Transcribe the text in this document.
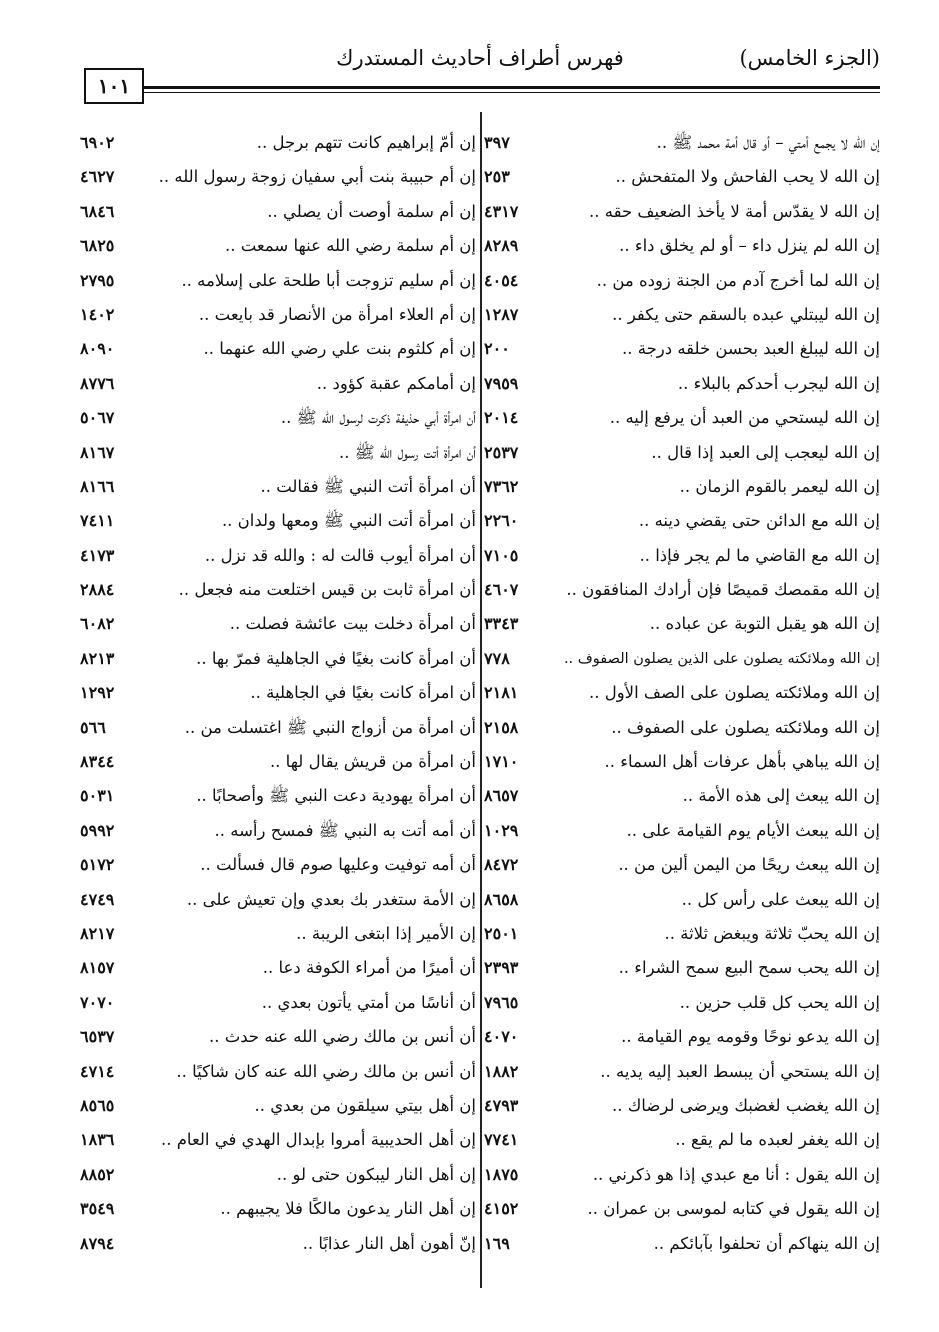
(الجزء الخامس)
فهرس أطراف أحاديث المستدرك
١٠١
إن الله لا يجمع أمتي – أو قال أمة محمد ﷺ ..
٣٩٧
إن الله لا يحب الفاحش ولا المتفحش ..
٢٥٣
إن الله لا يقدّس أمة لا يأخذ الضعيف حقه ..
٤٣١٧
إن الله لم ينزل داء – أو لم يخلق داء ..
٨٢٨٩
إن الله لما أخرج آدم من الجنة زوده من ..
٤٠٥٤
إن الله ليبتلي عبده بالسقم حتى يكفر ..
١٢٨٧
إن الله ليبلغ العبد بحسن خلقه درجة ..
٢٠٠
إن الله ليجرب أحدكم بالبلاء ..
٧٩٥٩
إن الله ليستحي من العبد أن يرفع إليه ..
٢٠١٤
إن الله ليعجب إلى العبد إذا قال ..
٢٥٣٧
إن الله ليعمر بالقوم الزمان ..
٧٣٦٢
إن الله مع الدائن حتى يقضي دينه ..
٢٢٦٠
إن الله مع القاضي ما لم يجر فإذا ..
٧١٠٥
إن الله مقمصك قميصًا فإن أرادك المنافقون ..
٤٦٠٧
إن الله هو يقبل التوبة عن عباده ..
٣٣٤٣
إن الله وملائكته يصلون على الذين يصلون الصفوف ..
٧٧٨
إن الله وملائكته يصلون على الصف الأول ..
٢١٨١
إن الله وملائكته يصلون على الصفوف ..
٢١٥٨
إن الله يباهي بأهل عرفات أهل السماء ..
١٧١٠
إن الله يبعث إلى هذه الأمة ..
٨٦٥٧
إن الله يبعث الأيام يوم القيامة على ..
١٠٢٩
إن الله يبعث ريحًا من اليمن ألين من ..
٨٤٧٢
إن الله يبعث على رأس كل ..
٨٦٥٨
إن الله يحبّ ثلاثة ويبغض ثلاثة ..
٢٥٠١
إن الله يحب سمح البيع سمح الشراء ..
٢٣٩٣
إن الله يحب كل قلب حزين ..
٧٩٦٥
إن الله يدعو نوحًا وقومه يوم القيامة ..
٤٠٧٠
إن الله يستحي أن يبسط العبد إليه يديه ..
١٨٨٢
إن الله يغضب لغضبك ويرضى لرضاك ..
٤٧٩٣
إن الله يغفر لعبده ما لم يقع ..
٧٧٤١
إن الله يقول : أنا مع عبدي إذا هو ذكرني ..
١٨٧٥
إن الله يقول في كتابه لموسى بن عمران ..
٤١٥٢
إن الله ينهاكم أن تحلفوا بآبائكم ..
١٦٩
إن أمّ إبراهيم كانت تتهم برجل ..
٦٩٠٢
إن أم حبيبة بنت أبي سفيان زوجة رسول الله ..
٤٦٢٧
إن أم سلمة أوصت أن يصلي ..
٦٨٤٦
إن أم سلمة رضي الله عنها سمعت ..
٦٨٢٥
إن أم سليم تزوجت أبا طلحة على إسلامه ..
٢٧٩٥
إن أم العلاء امرأة من الأنصار قد بايعت ..
١٤٠٢
إن أم كلثوم بنت علي رضي الله عنهما ..
٨٠٩٠
إن أمامكم عقبة كؤود ..
٨٧٧٦
أن امرأة أبي حذيفة ذكرت لرسول الله ﷺ ..
٥٠٦٧
أن امرأة أتت رسول الله ﷺ ..
٨١٦٧
أن امرأة أتت النبي ﷺ فقالت ..
٨١٦٦
أن امرأة أتت النبي ﷺ ومعها ولدان ..
٧٤١١
أن امرأة أيوب قالت له : والله قد نزل ..
٤١٧٣
أن امرأة ثابت بن قيس اختلعت منه فجعل ..
٢٨٨٤
أن امرأة دخلت بيت عائشة فصلت ..
٦٠٨٢
أن امرأة كانت بغيًا في الجاهلية فمرّ بها ..
٨٢١٣
أن امرأة كانت بغيًا في الجاهلية ..
١٢٩٢
أن امرأة من أزواج النبي ﷺ اغتسلت من ..
٥٦٦
أن امرأة من قريش يقال لها ..
٨٣٤٤
أن امرأة يهودية دعت النبي ﷺ وأصحابًا ..
٥٠٣١
أن أمه أتت به النبي ﷺ فمسح رأسه ..
٥٩٩٢
أن أمه توفيت وعليها صوم قال فسألت ..
٥١٧٢
إن الأمة ستغدر بك بعدي وإن تعيش على ..
٤٧٤٩
إن الأمير إذا ابتغى الريبة ..
٨٢١٧
أن أميرًا من أمراء الكوفة دعا ..
٨١٥٧
أن أناسًا من أمتي يأتون بعدي ..
٧٠٧٠
أن أنس بن مالك رضي الله عنه حدث ..
٦٥٣٧
أن أنس بن مالك رضي الله عنه كان شاكيًا ..
٤٧١٤
إن أهل بيتي سيلقون من بعدي ..
٨٥٦٥
إن أهل الحديبية أمروا بإبدال الهدي في العام ..
١٨٣٦
إن أهل النار ليبكون حتى لو ..
٨٨٥٢
إن أهل النار يدعون مالكًا فلا يجيبهم ..
٣٥٤٩
إنّ أهون أهل النار عذابًا ..
٨٧٩٤
